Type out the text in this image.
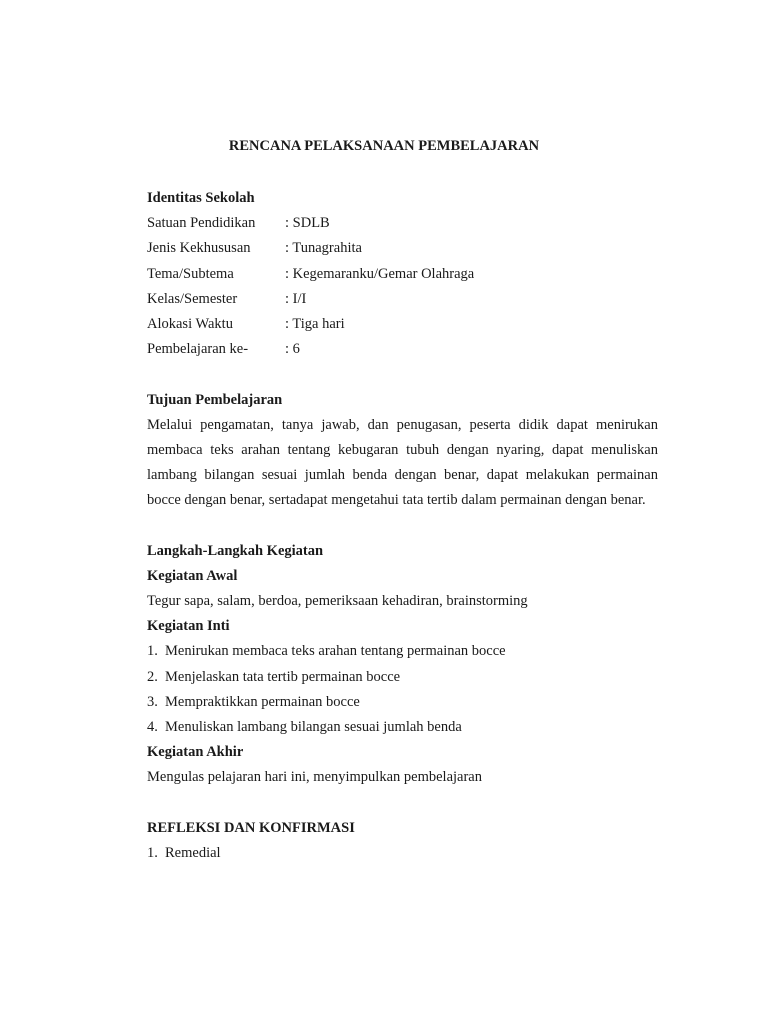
RENCANA PELAKSANAAN PEMBELAJARAN
Identitas Sekolah
Satuan Pendidikan	: SDLB
Jenis Kekhususan	: Tunagrahita
Tema/Subtema	: Kegemaranku/Gemar Olahraga
Kelas/Semester	: I/I
Alokasi Waktu	: Tiga hari
Pembelajaran ke-	: 6
Tujuan Pembelajaran

Melalui pengamatan, tanya jawab, dan penugasan, peserta didik dapat menirukan membaca teks arahan tentang kebugaran tubuh dengan nyaring, dapat menuliskan lambang bilangan sesuai jumlah benda dengan benar, dapat melakukan permainan bocce dengan benar, sertadapat mengetahui tata tertib dalam permainan dengan benar.

Langkah-Langkah Kegiatan
Kegiatan Awal
Tegur sapa, salam, berdoa, pemeriksaan kehadiran, brainstorming
Kegiatan Inti
1. Menirukan membaca teks arahan tentang permainan bocce
2. Menjelaskan tata tertib permainan bocce
3. Mempraktikkan permainan bocce
4. Menuliskan lambang bilangan sesuai jumlah benda
Kegiatan Akhir
Mengulas pelajaran hari ini, menyimpulkan pembelajaran
REFLEKSI DAN KONFIRMASI
1. Remedial
